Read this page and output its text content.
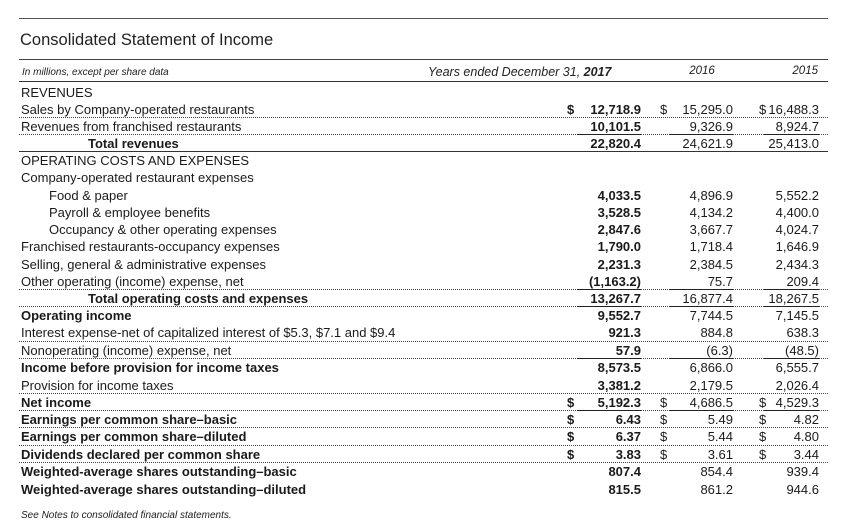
Consolidated Statement of Income
In millions, except per share data	Years ended December 31, 2017	2016	2015
REVENUES
Sales by Company-operated restaurants	$ 12,718.9 $ 15,295.0 $ 16,488.3
Revenues from franchised restaurants	10,101.5	9,326.9	8,924.7
Total revenues	22,820.4	24,621.9	25,413.0
OPERATING COSTS AND EXPENSES
Company-operated restaurant expenses
Food & paper	4,033.5	4,896.9	5,552.2
Payroll & employee benefits	3,528.5	4,134.2	4,400.0
Occupancy & other operating expenses	2,847.6	3,667.7	4,024.7
Franchised restaurants-occupancy expenses	1,790.0	1,718.4	1,646.9
Selling, general & administrative expenses	2,231.3	2,384.5	2,434.3
Other operating (income) expense, net	(1,163.2)	75.7	209.4
Total operating costs and expenses	13,267.7	16,877.4	18,267.5
Operating income	9,552.7	7,744.5	7,145.5
Interest expense-net of capitalized interest of $5.3, $7.1 and $9.4	921.3	884.8	638.3
Nonoperating (income) expense, net	57.9	(6.3)	(48.5)
Income before provision for income taxes	8,573.5	6,866.0	6,555.7
Provision for income taxes	3,381.2	2,179.5	2,026.4
Net income	$ 5,192.3 $ 4,686.5 $ 4,529.3
Earnings per common share–basic	$	6.43 $	5.49 $ 4.82
Earnings per common share–diluted	$	6.37 $	5.44 $ 4.80
Dividends declared per common share	$	3.83 $	3.61 $ 3.44
Weighted-average shares outstanding–basic	807.4	854.4	939.4
Weighted-average shares outstanding–diluted	815.5	861.2	944.6
See Notes to consolidated financial statements.
